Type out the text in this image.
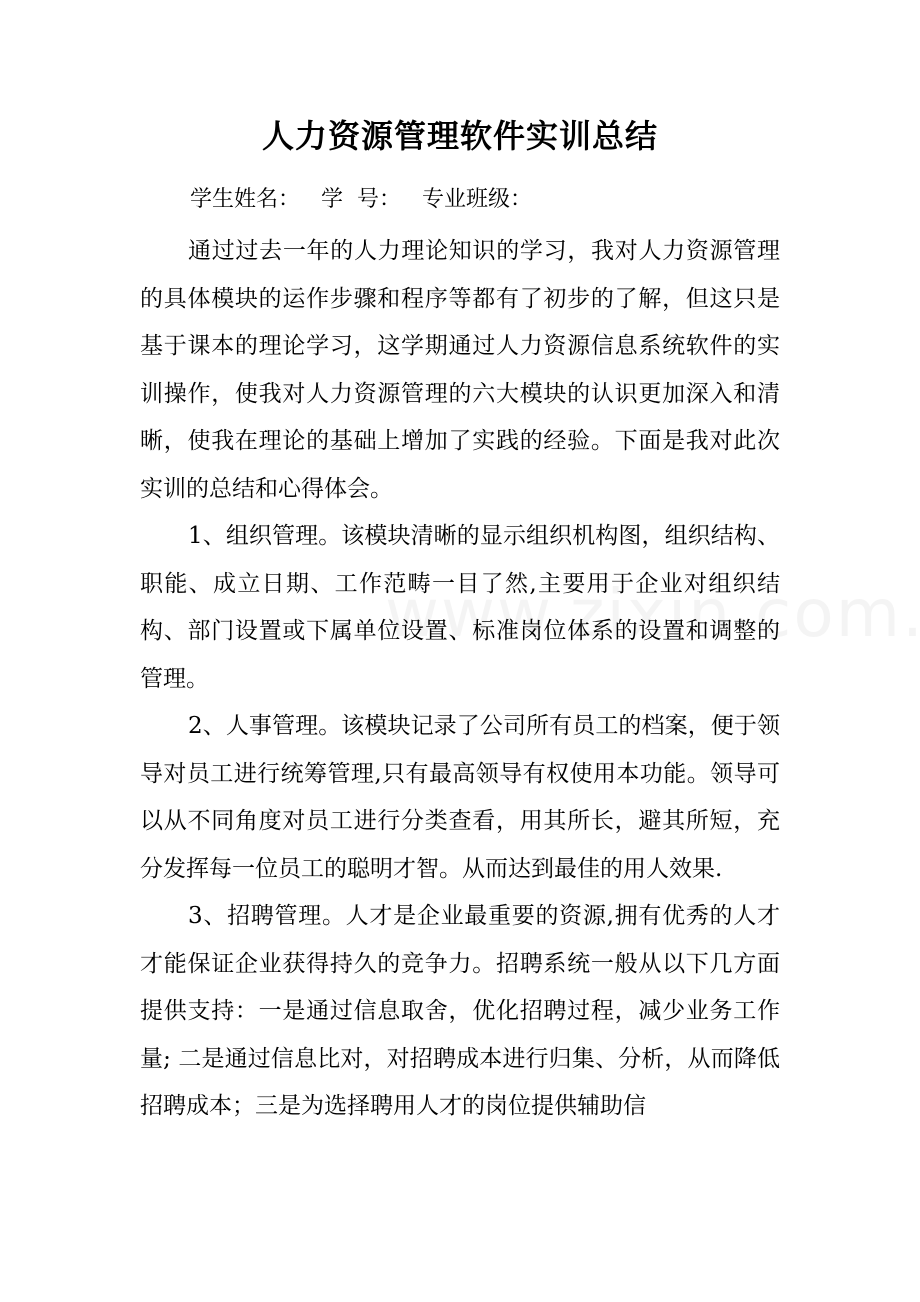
人力资源管理软件实训总结
学生姓名：   学  号：   专业班级：

通过过去一年的人力理论知识的学习，我对人力资源管理的具体模块的运作步骤和程序等都有了初步的了解，但这只是基于课本的理论学习，这学期通过人力资源信息系统软件的实训操作，使我对人力资源管理的六大模块的认识更加深入和清晰，使我在理论的基础上增加了实践的经验。下面是我对此次实训的总结和心得体会。

1、组织管理。该模块清晰的显示组织机构图，组织结构、职能、成立日期、工作范畴一目了然,主要用于企业对组织结构、部门设置或下属单位设置、标准岗位体系的设置和调整的管理。

2、人事管理。该模块记录了公司所有员工的档案，便于领导对员工进行统筹管理,只有最高领导有权使用本功能。领导可以从不同角度对员工进行分类查看，用其所长，避其所短，充分发挥每一位员工的聪明才智。从而达到最佳的用人效果.

3、招聘管理。人才是企业最重要的资源,拥有优秀的人才才能保证企业获得持久的竞争力。招聘系统一般从以下几方面提供支持：一是通过信息取舍，优化招聘过程，减少业务工作量; 二是通过信息比对，对招聘成本进行归集、分析，从而降低招聘成本；三是为选择聘用人才的岗位提供辅助信
